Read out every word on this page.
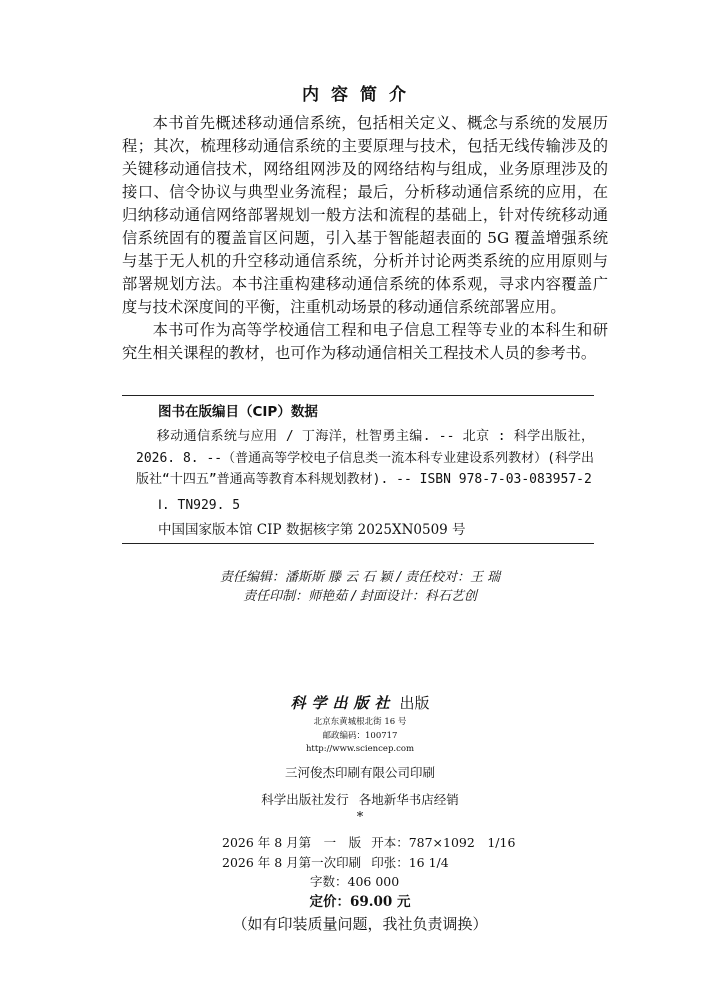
内容简介

本书首先概述移动通信系统，包括相关定义、概念与系统的发展历程；其次，梳理移动通信系统的主要原理与技术，包括无线传输涉及的关键移动通信技术，网络组网涉及的网络结构与组成，业务原理涉及的接口、信令协议与典型业务流程；最后，分析移动通信系统的应用，在归纳移动通信网络部署规划一般方法和流程的基础上，针对传统移动通信系统固有的覆盖盲区问题，引入基于智能超表面的 5G 覆盖增强系统与基于无人机的升空移动通信系统，分析并讨论两类系统的应用原则与部署规划方法。本书注重构建移动通信系统的体系观，寻求内容覆盖广度与技术深度间的平衡，注重机动场景的移动通信系统部署应用。

本书可作为高等学校通信工程和电子信息工程等专业的本科生和研究生相关课程的教材，也可作为移动通信相关工程技术人员的参考书。

图书在版编目（CIP）数据
移动通信系统与应用 / 丁海洋，杜智勇主编. -- 北京 : 科学出版社，2026. 8. --（普通高等学校电子信息类一流本科专业建设系列教材）(科学出版社“十四五”普通高等教育本科规划教材). -- ISBN 978-7-03-083957-2
Ⅰ. TN929. 5
中国国家版本馆 CIP 数据核字第 2025XN0509 号
责任编辑：潘斯斯 滕 云 石 颖 / 责任校对：王 瑞
责任印制：师艳茹 / 封面设计：科石艺创
科学出版社 出版
北京东黄城根北街 16 号
邮政编码：100717
http://www.sciencep.com
三河俊杰印刷有限公司印刷
科学出版社发行 各地新华书店经销
*
2026 年 8 月第　一　版 开本：787×1092　1/16
2026 年 8 月第一次印刷 印张：16 1/4
字数：406 000
定价：69.00 元
（如有印装质量问题，我社负责调换）
